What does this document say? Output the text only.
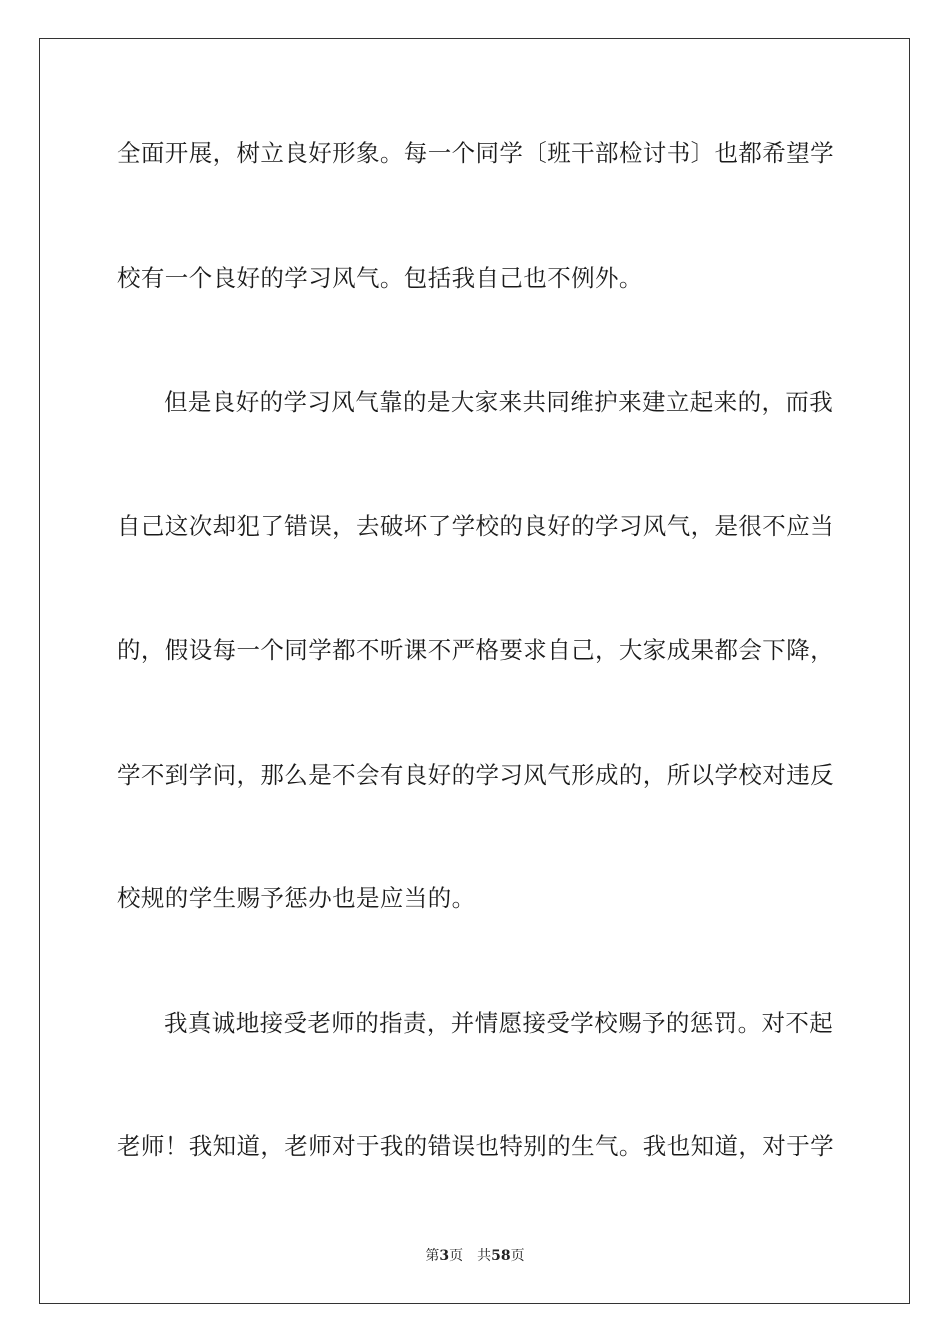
全面开展，树立良好形象。每一个同学〔班干部检讨书〕也都希望学
校有一个良好的学习风气。包括我自己也不例外。
但是良好的学习风气靠的是大家来共同维护来建立起来的，而我
自己这次却犯了错误，去破坏了学校的良好的学习风气，是很不应当
的，假设每一个同学都不听课不严格要求自己，大家成果都会下降，
学不到学问，那么是不会有良好的学习风气形成的，所以学校对违反
校规的学生赐予惩办也是应当的。
我真诚地接受老师的指责，并情愿接受学校赐予的惩罚。对不起
老师！我知道，老师对于我的错误也特别的生气。我也知道，对于学
第3页　共58页
